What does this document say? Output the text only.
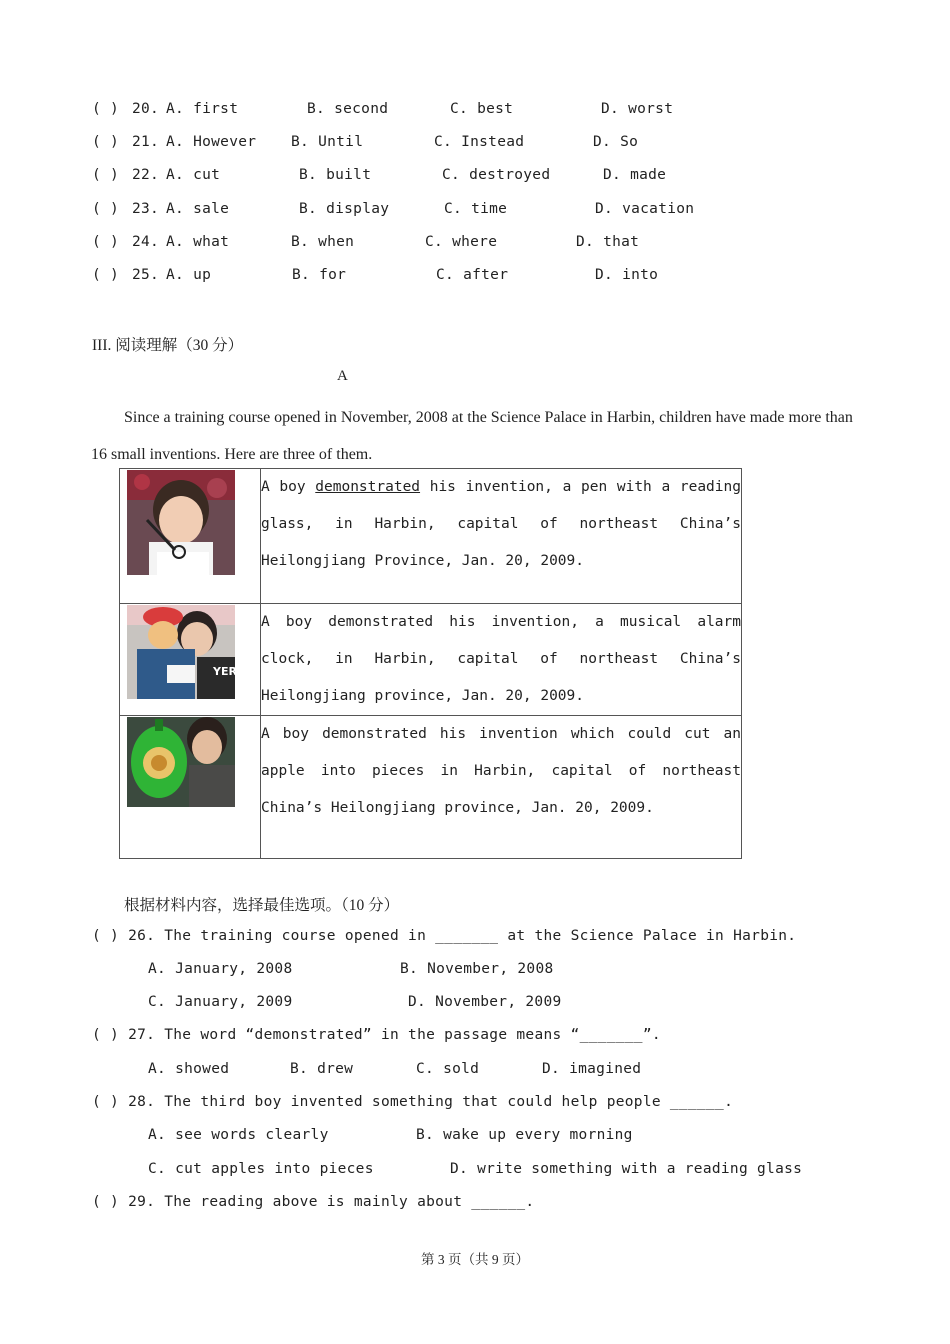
( ) 20. A. first	B. second	C. best	D. worst
( ) 21. A. However B. Until	C. Instead	D. So
( ) 22. A. cut	B. built	C. destroyed	D. made
( ) 23. A. sale	B. display	C. time	D. vacation
( ) 24. A. what	B. when	C. where	D. that
( ) 25. A. up	B. for	C. after	D. into
III. 阅读理解（30 分）
A
Since a training course opened in November, 2008 at the Science Palace in Harbin, children have made more than 16 small inventions. Here are three of them.
	A boy demonstrated his invention, a pen with a reading glass, in Harbin, capital of northeast China’s Heilongjiang Province, Jan. 20, 2009.

YERS	A boy demonstrated his invention, a musical alarm clock, in Harbin, capital of northeast China’s Heilongjiang province, Jan. 20, 2009.

	A boy demonstrated his invention which could cut an apple into pieces in Harbin, capital of northeast China’s Heilongjiang province, Jan. 20, 2009.
根据材料内容，选择最佳选项。（10 分）
( ) 26. The training course opened in _______ at the Science Palace in Harbin.
A. January, 2008	B. November, 2008
C. January, 2009	D. November, 2009
( ) 27. The word “demonstrated” in the passage means “_______”.
A. showed	B. drew	C. sold	D. imagined
( ) 28. The third boy invented something that could help people ______.
A. see words clearly	B. wake up every morning
C. cut apples into pieces	D. write something with a reading glass
( ) 29. The reading above is mainly about ______.
第 3 页（共 9 页）
